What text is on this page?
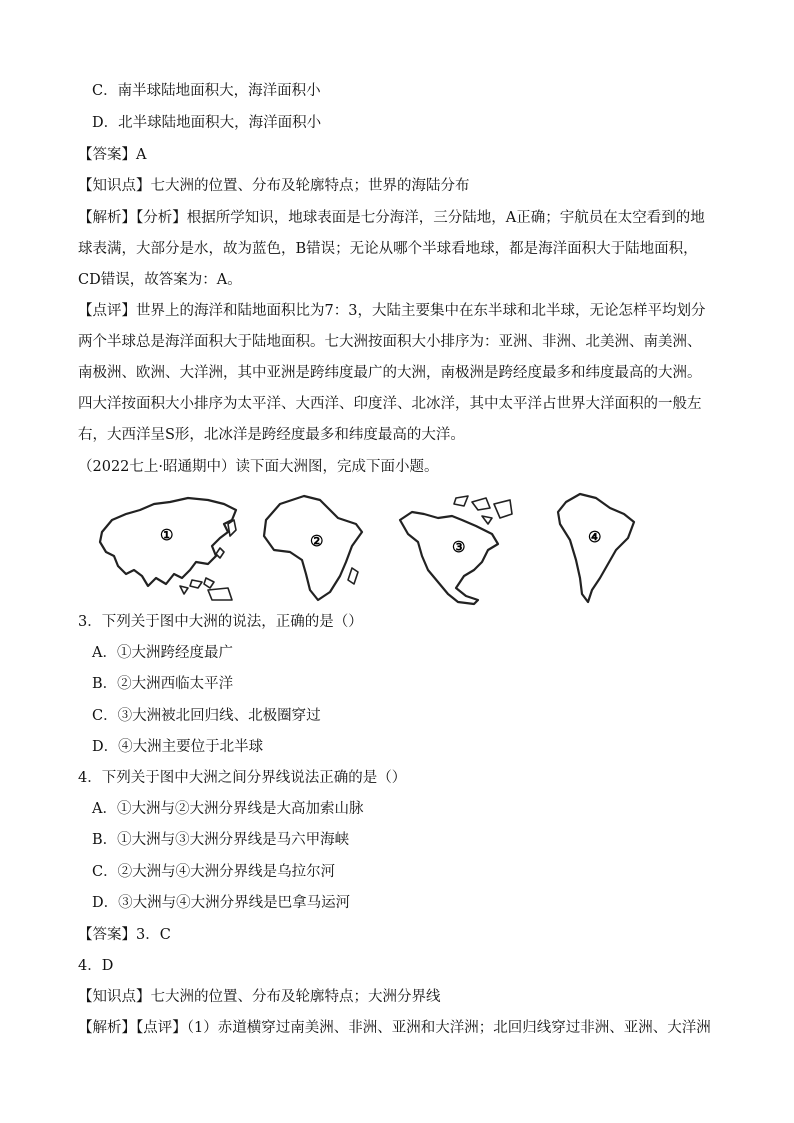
C．南半球陆地面积大，海洋面积小
D．北半球陆地面积大，海洋面积小
【答案】A
【知识点】七大洲的位置、分布及轮廓特点；世界的海陆分布
【解析】【分析】根据所学知识，地球表面是七分海洋，三分陆地，A正确；宇航员在太空看到的地
球表满，大部分是水，故为蓝色，B错误；无论从哪个半球看地球，都是海洋面积大于陆地面积，
CD错误，故答案为：A。
【点评】世界上的海洋和陆地面积比为7：3，大陆主要集中在东半球和北半球，无论怎样平均划分
两个半球总是海洋面积大于陆地面积。七大洲按面积大小排序为：亚洲、非洲、北美洲、南美洲、
南极洲、欧洲、大洋洲，其中亚洲是跨纬度最广的大洲，南极洲是跨经度最多和纬度最高的大洲。
四大洋按面积大小排序为太平洋、大西洋、印度洋、北冰洋，其中太平洋占世界大洋面积的一般左
右，大西洋呈S形，北冰洋是跨经度最多和纬度最高的大洋。
（2022七上·昭通期中）读下面大洲图，完成下面小题。
①	②	③
④
3．下列关于图中大洲的说法，正确的是（）
A．①大洲跨经度最广
B．②大洲西临太平洋
C．③大洲被北回归线、北极圈穿过
D．④大洲主要位于北半球
4．下列关于图中大洲之间分界线说法正确的是（）
A．①大洲与②大洲分界线是大高加索山脉
B．①大洲与③大洲分界线是马六甲海峡
C．②大洲与④大洲分界线是乌拉尔河
D．③大洲与④大洲分界线是巴拿马运河
【答案】3．C
4．D
【知识点】七大洲的位置、分布及轮廓特点；大洲分界线
【解析】【点评】（1）赤道横穿过南美洲、非洲、亚洲和大洋洲；北回归线穿过非洲、亚洲、大洋洲
